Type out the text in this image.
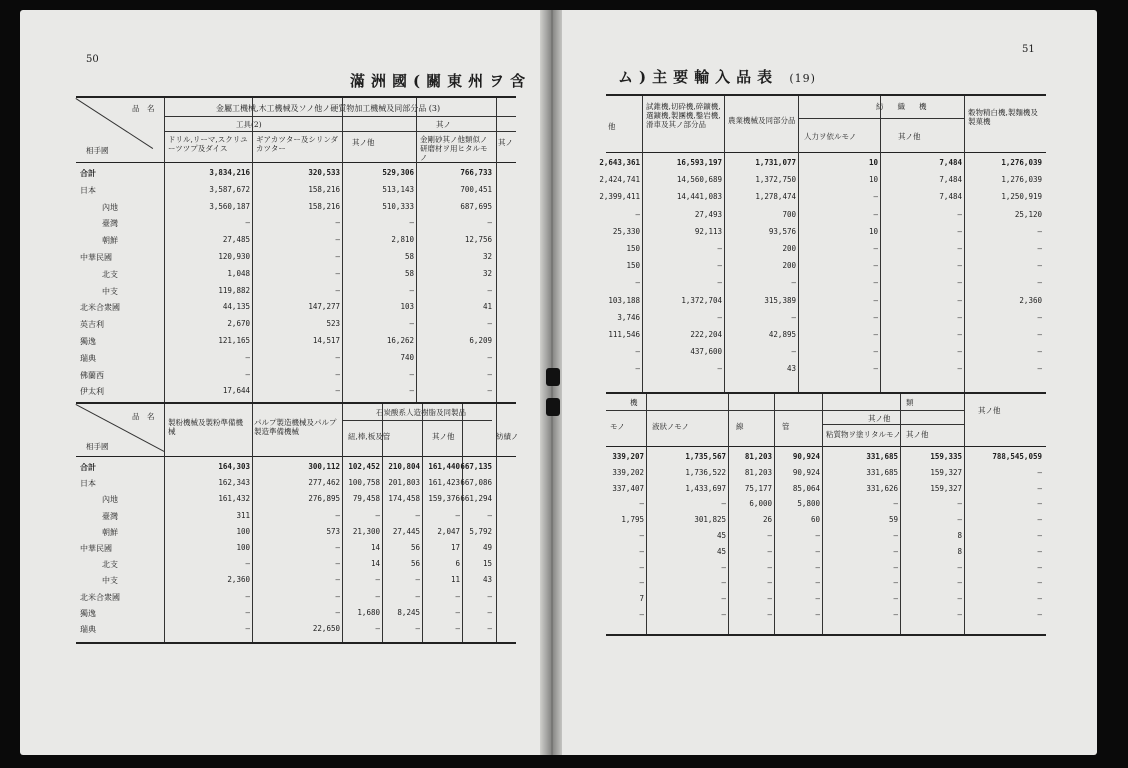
50
滿洲國(關東州ヲ含
品　名
相手國
金屬工機械,木工機械及ソノ他ノ硬質物加工機械及同部分品 (3)
工具(2)	其ノ
ドリル,リーマ,スクリユーツツプ及ダイス
ギアカツター及シリンダカツター
其ノ他	金剛砂其ノ他類似ノ研磨材ヲ用ヒタルモノ
其ノ
合計	3,834,216	320,533	529,306	766,733
日本	3,587,672	158,216	513,143	700,451
內地	3,560,187	158,216	510,333	687,695
臺灣	—	—	—	—
朝鮮	27,485	—	2,810	12,756
中華民國	120,930	—	58	32
北支	1,048	—	58	32
中支	119,882	—	—	—
北米合衆國	44,135	147,277	103	41
英吉利	2,670	523	—	—
獨逸	121,165	14,517	16,262	6,209
瑞典	—	—	740	—
佛蘭西	—	—	—	—
伊太利	17,644	—	—	—
品　名
相手國
製粉機械及製粉準備機械
パルプ製造機械及パルプ製造準備機械
石炭酸系人造樹脂及同製品
紐,棒,板及管	其ノ他	紡績ノ
合計	164,303	300,112 102,452 210,804 161,440 667,135
日本	162,343	277,462 100,758 201,803 161,423 667,086
內地	161,432	276,895 79,458 174,458 159,376 661,294
臺灣	311	—	—	—	—	—
朝鮮	100	573 21,300 27,445 2,047 5,792
中華民國	100	—	14	56	17	49
北支	—	—	14	56	6	15
中支	2,360	—	—	—	11	43
北米合衆國	—	—	—	—	—	—
獨逸	—	— 1,680 8,245	—	—
瑞典	—	22,650	—	—	—	—
51
ム)主要輸入品表 (19)
他
試錐機,切砕機,碎鑛機,選鑛機,製團機,鑿岩機,滑車及其ノ部分品	農業機械及同部分品
紡織機
人力ヲ依ルモノ	其ノ他
穀物精白機,製麵機及製菓機
2,643,361	16,593,197	1,731,077	10	7,484	1,276,039
2,424,741	14,560,689	1,372,750	10	7,484	1,276,039
2,399,411	14,441,083	1,278,474	—	7,484	1,250,919
—	27,493	700	—	—	25,120
25,330	92,113	93,576	10	—	—
150	—	200	—	—	—
150	—	200	—	—	—
—	—	—	—	—	—
103,188	1,372,704	315,389	—	—	2,360
3,746	—	—	—	—	—
111,546	222,204	42,895	—	—	—
—	437,600	—	—	—	—
—	—	43	—	—	—
機	類
モノ	液狀ノモノ	線	管
其ノ他
粘質物ヲ塗リタルモノ 其ノ他
其ノ他
339,207	1,735,567	81,203	90,924	331,685	159,335	788,545,059
339,202	1,736,522	81,203	90,924	331,685	159,327	—
337,407	1,433,697	75,177	85,064	331,626	159,327	—
—	—	6,000	5,800	—	—	—
1,795	301,825	26	60	59	—	—
—	45	—	—	—	8	—
—	45	—	—	—	8	—
—	—	—	—	—	—	—
—	—	—	—	—	—	—
7	—	—	—	—	—	—
—	—	—	—	—	—	—
